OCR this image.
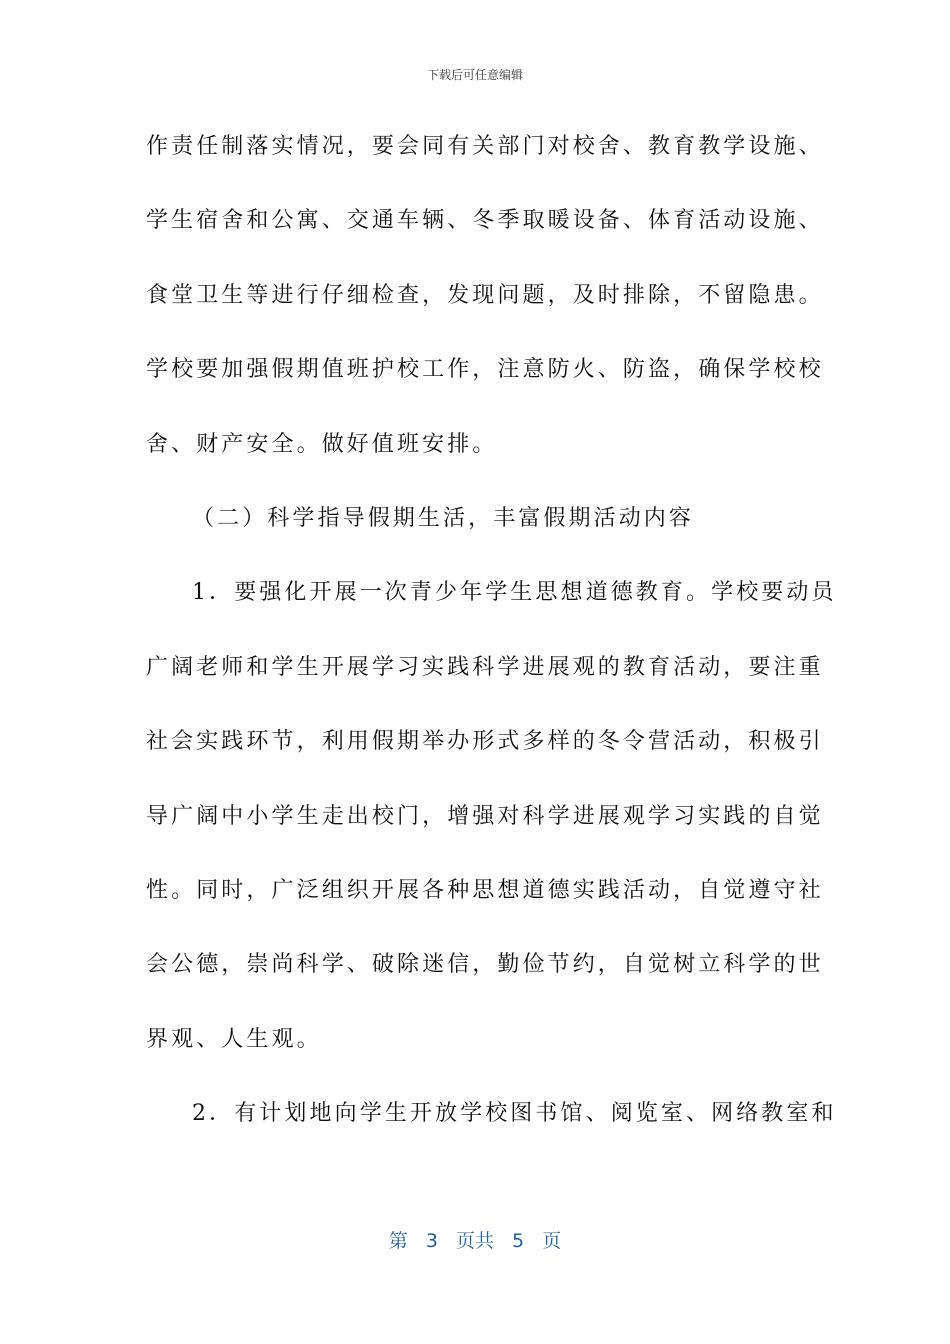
下载后可任意编辑
作责任制落实情况，要会同有关部门对校舍、教育教学设施、
学生宿舍和公寓、交通车辆、冬季取暖设备、体育活动设施、
食堂卫生等进行仔细检查，发现问题，及时排除，不留隐患。
学校要加强假期值班护校工作，注意防火、防盗，确保学校校
舍、财产安全。做好值班安排。
（二）科学指导假期生活，丰富假期活动内容
1．要强化开展一次青少年学生思想道德教育。学校要动员
广阔老师和学生开展学习实践科学进展观的教育活动，要注重
社会实践环节，利用假期举办形式多样的冬令营活动，积极引
导广阔中小学生走出校门，增强对科学进展观学习实践的自觉
性。同时，广泛组织开展各种思想道德实践活动，自觉遵守社
会公德，崇尚科学、破除迷信，勤俭节约，自觉树立科学的世
界观、人生观。
2．有计划地向学生开放学校图书馆、阅览室、网络教室和
第 3 页共 5 页
